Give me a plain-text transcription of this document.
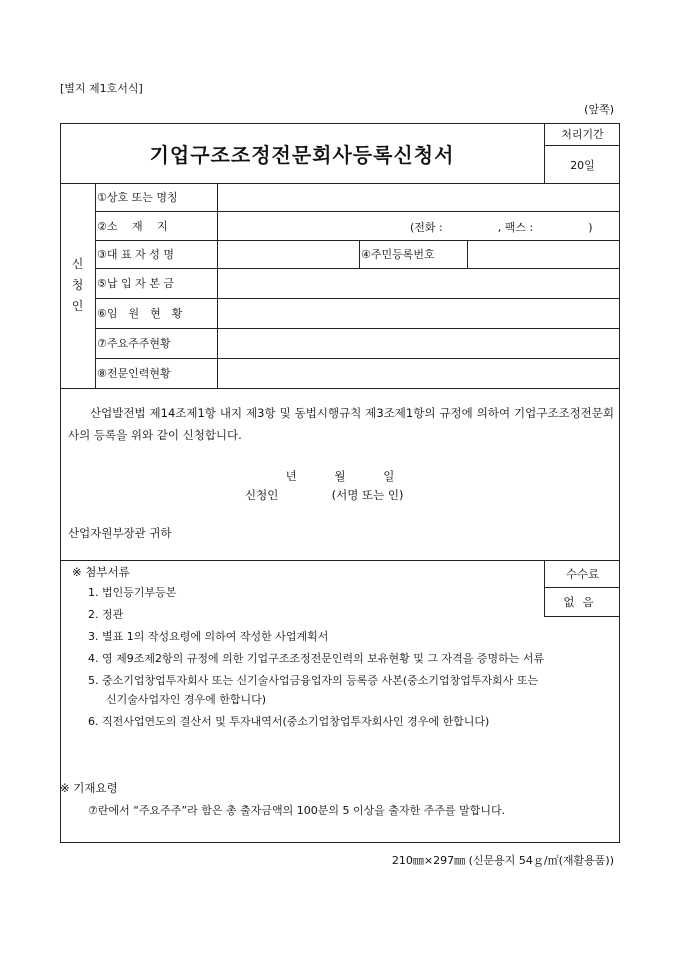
[별지 제1호서식]
(앞쪽)
기업구조조정전문회사등록신청서
처리기간
20일
신
청
인
①상호 또는 명칭
②소　 재　 지	(전화 :　　　　　, 팩스 :　　　　　)
③대 표 자 성 명	④주민등록번호
⑤납 입 자 본 금
⑥임　원　현　황
⑦주요주주현황
⑧전문인력현황
산업발전법 제14조제1항 내지 제3항 및 동법시행규칙 제3조제1항의 규정에 의하여 기업구조조정전문회사의 등록을 위와 같이 신청합니다.
년 월 일
신청인	(서명 또는 인)
산업자원부장관 귀하
※ 첨부서류
1. 법인등기부등본
2. 정관
3. 별표 1의 작성요령에 의하여 작성한 사업계획서
4. 영 제9조제2항의 규정에 의한 기업구조조정전문인력의 보유현황 및 그 자격을 증명하는 서류
5. 중소기업창업투자회사 또는 신기술사업금융업자의 등록증 사본(중소기업창업투자회사 또는 신기술사업자인 경우에 한합니다)
6. 직전사업연도의 결산서 및 투자내역서(중소기업창업투자회사인 경우에 한합니다)
수수료
없음
※ 기재요령
⑦란에서 “주요주주”라 함은 총 출자금액의 100분의 5 이상을 출자한 주주를 말합니다.
210㎜×297㎜ (신문용지 54ｇ/㎡(재활용품))
